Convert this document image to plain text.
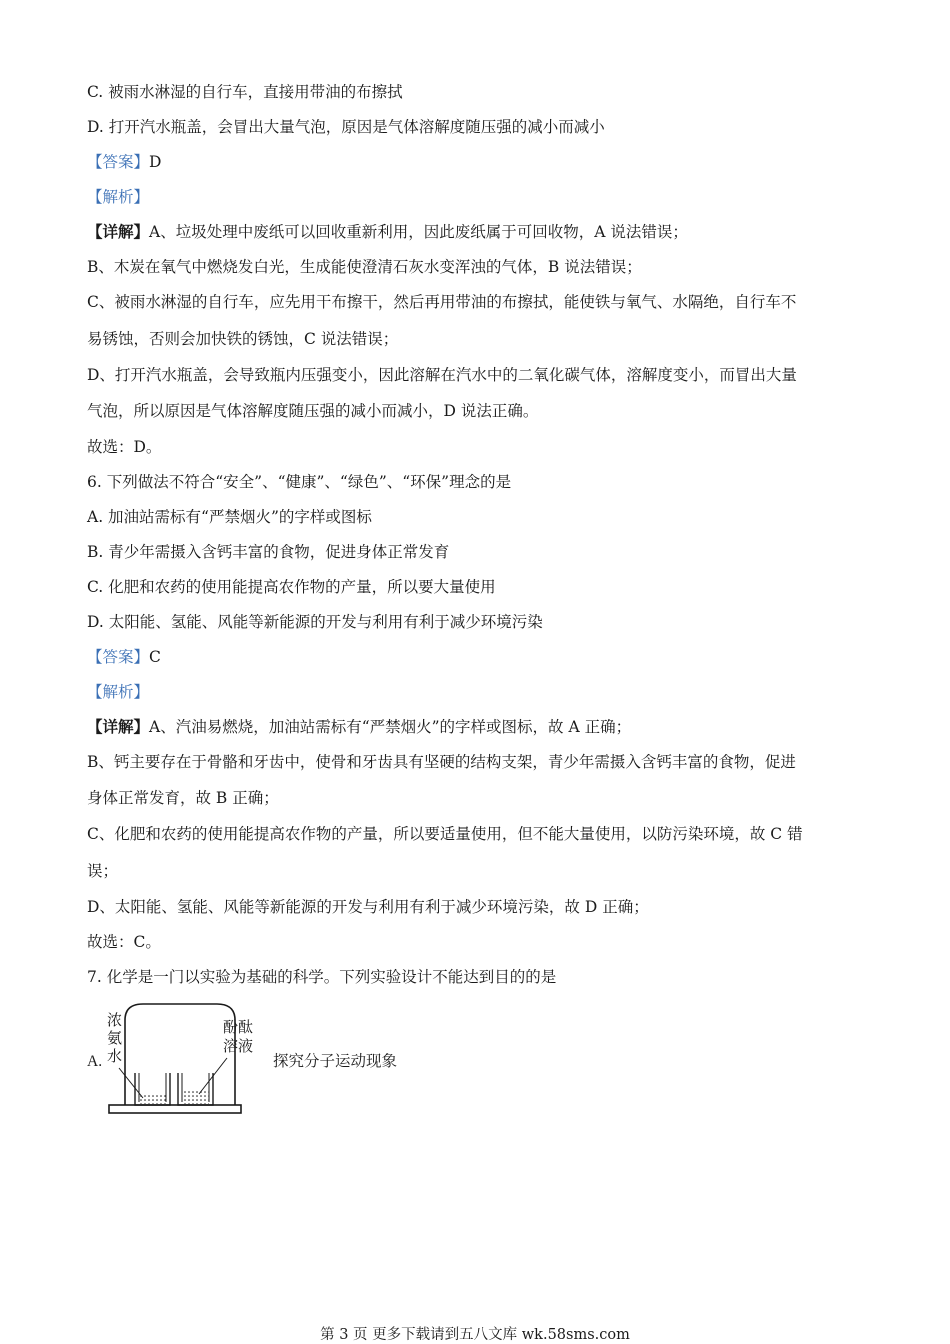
C. 被雨水淋湿的自行车，直接用带油的布擦拭
D. 打开汽水瓶盖，会冒出大量气泡，原因是气体溶解度随压强的减小而减小
【答案】D
【解析】
【详解】A、垃圾处理中废纸可以回收重新利用，因此废纸属于可回收物，A 说法错误；
B、木炭在氧气中燃烧发白光，生成能使澄清石灰水变浑浊的气体，B 说法错误；
C、被雨水淋湿的自行车，应先用干布擦干，然后再用带油的布擦拭，能使铁与氧气、水隔绝，自行车不
易锈蚀，否则会加快铁的锈蚀，C 说法错误；
D、打开汽水瓶盖，会导致瓶内压强变小，因此溶解在汽水中的二氧化碳气体，溶解度变小，而冒出大量
气泡，所以原因是气体溶解度随压强的减小而减小，D 说法正确。
故选：D。
6. 下列做法不符合“安全”、“健康”、“绿色”、“环保”理念的是
A. 加油站需标有“严禁烟火”的字样或图标
B. 青少年需摄入含钙丰富的食物，促进身体正常发育
C. 化肥和农药的使用能提高农作物的产量，所以要大量使用
D. 太阳能、氢能、风能等新能源的开发与利用有利于减少环境污染
【答案】C
【解析】
【详解】A、汽油易燃烧，加油站需标有“严禁烟火”的字样或图标，故 A 正确；
B、钙主要存在于骨骼和牙齿中，使骨和牙齿具有坚硬的结构支架，青少年需摄入含钙丰富的食物，促进
身体正常发育，故 B 正确；
C、化肥和农药的使用能提高农作物的产量，所以要适量使用，但不能大量使用，以防污染环境，故 C 错
误；
D、太阳能、氢能、风能等新能源的开发与利用有利于减少环境污染，故 D 正确；
故选：C。
7. 化学是一门以实验为基础的科学。下列实验设计不能达到目的的是
A.
浓
氨
水
酚酞
溶液
探究分子运动现象
第 3 页 更多下载请到五八文库 wk.58sms.com
